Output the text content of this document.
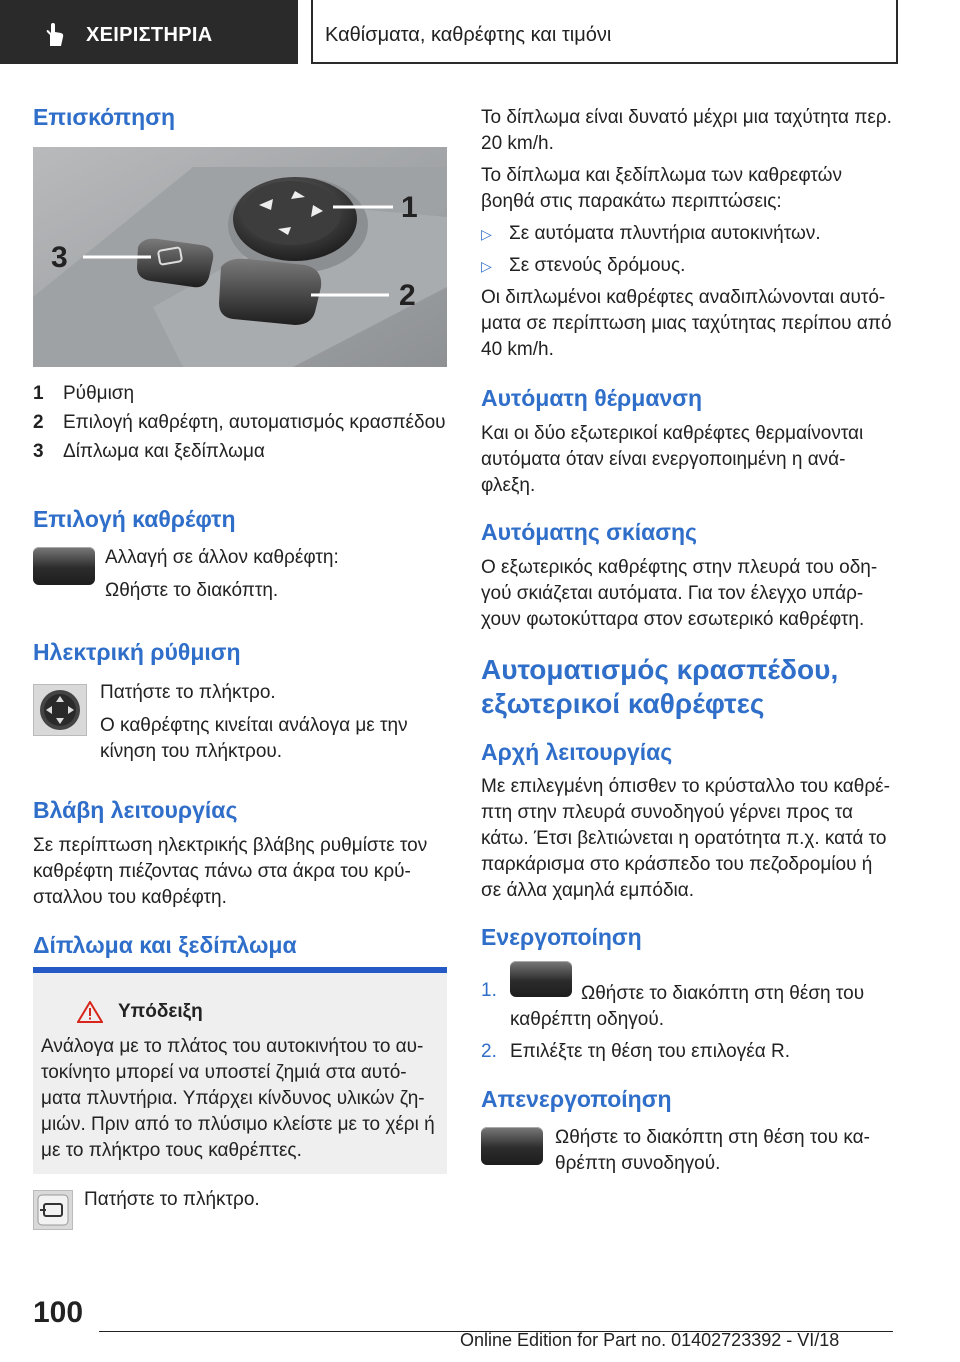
ΧΕΙΡΙΣΤΗΡΙΑ	Καθίσματα, καθρέφτης και τιμόνι
Επισκόπηση
1
2
3
1 Ρύθμιση
2 Επιλογή καθρέφτη, αυτοματισμός κρασπέδου
3 Δίπλωμα και ξεδίπλωμα
Επιλογή καθρέφτη
Αλλαγή σε άλλον καθρέφτη:
Ωθήστε το διακόπτη.
Ηλεκτρική ρύθμιση
Πατήστε το πλήκτρο.
Ο καθρέφτης κινείται ανάλογα με την
κίνηση του πλήκτρου.
Βλάβη λειτουργίας
Σε περίπτωση ηλεκτρικής βλάβης ρυθμίστε τον
καθρέφτη πιέζοντας πάνω στα άκρα του κρύ-
σταλλου του καθρέφτη.
Δίπλωμα και ξεδίπλωμα
Υπόδειξη
Ανάλογα με το πλάτος του αυτοκινήτου το αυ-
τοκίνητο μπορεί να υποστεί ζημιά στα αυτό-
ματα πλυντήρια. Υπάρχει κίνδυνος υλικών ζη-
μιών. Πριν από το πλύσιμο κλείστε με το χέρι ή
με το πλήκτρο τους καθρέπτες.
Πατήστε το πλήκτρο.
Το δίπλωμα είναι δυνατό μέχρι μια ταχύτητα περ.
20 km/h.
Το δίπλωμα και ξεδίπλωμα των καθρεφτών
βοηθά στις παρακάτω περιπτώσεις:
▷ Σε αυτόματα πλυντήρια αυτοκινήτων.
▷ Σε στενούς δρόμους.
Οι διπλωμένοι καθρέφτες αναδιπλώνονται αυτό-
ματα σε περίπτωση μιας ταχύτητας περίπου από
40 km/h.
Αυτόματη θέρμανση
Και οι δύο εξωτερικοί καθρέφτες θερμαίνονται
αυτόματα όταν είναι ενεργοποιημένη η ανά-
φλεξη.
Αυτόματης σκίασης
Ο εξωτερικός καθρέφτης στην πλευρά του οδη-
γού σκιάζεται αυτόματα. Για τον έλεγχο υπάρ-
χουν φωτοκύτταρα στον εσωτερικό καθρέφτη.
Αυτοματισμός κρασπέδου,
εξωτερικοί καθρέφτες
Αρχή λειτουργίας
Με επιλεγμένη όπισθεν το κρύσταλλο του καθρέ-
πτη στην πλευρά συνοδηγού γέρνει προς τα
κάτω. Έτσι βελτιώνεται η ορατότητα π.χ. κατά το
παρκάρισμα στο κράσπεδο του πεζοδρομίου ή
σε άλλα χαμηλά εμπόδια.
Ενεργοποίηση
1.	Ωθήστε το διακόπτη στη θέση του
καθρέπτη οδηγού.
2. Επιλέξτε τη θέση του επιλογέα R.
Απενεργοποίηση
Ωθήστε το διακόπτη στη θέση του κα-
θρέπτη συνοδηγού.
100
Online Edition for Part no. 01402723392 - VI/18
